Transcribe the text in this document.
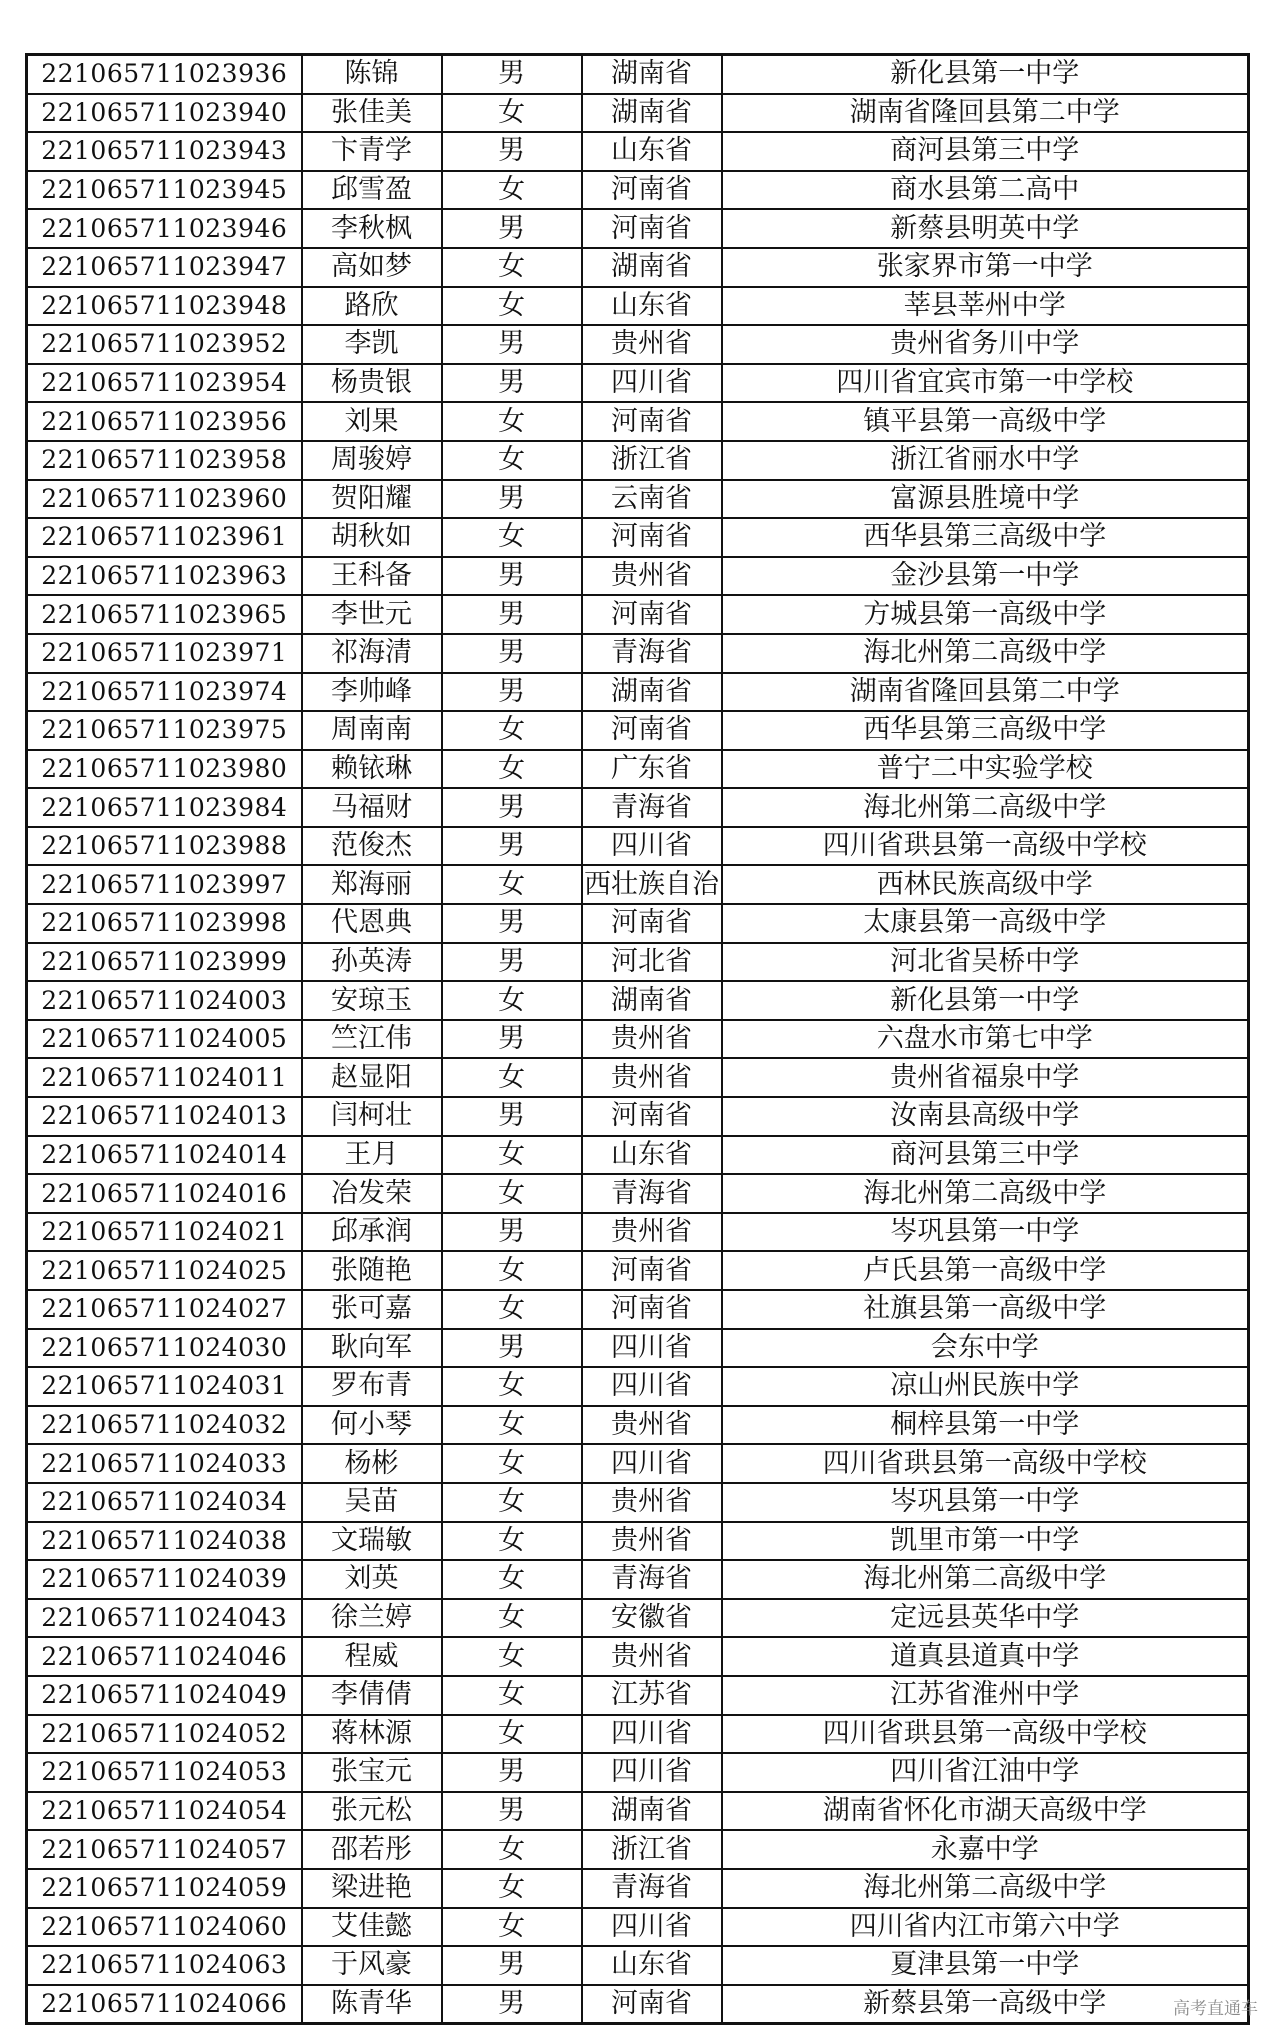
221065711023936	陈锦	男	湖南省	新化县第一中学
221065711023940	张佳美	女	湖南省	湖南省隆回县第二中学
221065711023943	卞青学	男	山东省	商河县第三中学
221065711023945	邱雪盈	女	河南省	商水县第二高中
221065711023946	李秋枫	男	河南省	新蔡县明英中学
221065711023947	高如梦	女	湖南省	张家界市第一中学
221065711023948	路欣	女	山东省	莘县莘州中学
221065711023952	李凯	男	贵州省	贵州省务川中学
221065711023954	杨贵银	男	四川省	四川省宜宾市第一中学校
221065711023956	刘果	女	河南省	镇平县第一高级中学
221065711023958	周骏婷	女	浙江省	浙江省丽水中学
221065711023960	贺阳耀	男	云南省	富源县胜境中学
221065711023961	胡秋如	女	河南省	西华县第三高级中学
221065711023963	王科备	男	贵州省	金沙县第一中学
221065711023965	李世元	男	河南省	方城县第一高级中学
221065711023971	祁海清	男	青海省	海北州第二高级中学
221065711023974	李帅峰	男	湖南省	湖南省隆回县第二中学
221065711023975	周南南	女	河南省	西华县第三高级中学
221065711023980	赖铱琳	女	广东省	普宁二中实验学校
221065711023984	马福财	男	青海省	海北州第二高级中学
221065711023988	范俊杰	男	四川省	四川省珙县第一高级中学校
221065711023997	郑海丽	女	西壮族自治	西林民族高级中学
221065711023998	代恩典	男	河南省	太康县第一高级中学
221065711023999	孙英涛	男	河北省	河北省吴桥中学
221065711024003	安琼玉	女	湖南省	新化县第一中学
221065711024005	竺江伟	男	贵州省	六盘水市第七中学
221065711024011	赵显阳	女	贵州省	贵州省福泉中学
221065711024013	闫柯壮	男	河南省	汝南县高级中学
221065711024014	王月	女	山东省	商河县第三中学
221065711024016	冶发荣	女	青海省	海北州第二高级中学
221065711024021	邱承润	男	贵州省	岑巩县第一中学
221065711024025	张随艳	女	河南省	卢氏县第一高级中学
221065711024027	张可嘉	女	河南省	社旗县第一高级中学
221065711024030	耿向军	男	四川省	会东中学
221065711024031	罗布青	女	四川省	凉山州民族中学
221065711024032	何小琴	女	贵州省	桐梓县第一中学
221065711024033	杨彬	女	四川省	四川省珙县第一高级中学校
221065711024034	吴苗	女	贵州省	岑巩县第一中学
221065711024038	文瑞敏	女	贵州省	凯里市第一中学
221065711024039	刘英	女	青海省	海北州第二高级中学
221065711024043	徐兰婷	女	安徽省	定远县英华中学
221065711024046	程威	女	贵州省	道真县道真中学
221065711024049	李倩倩	女	江苏省	江苏省淮州中学
221065711024052	蒋林源	女	四川省	四川省珙县第一高级中学校
221065711024053	张宝元	男	四川省	四川省江油中学
221065711024054	张元松	男	湖南省	湖南省怀化市湖天高级中学
221065711024057	邵若彤	女	浙江省	永嘉中学
221065711024059	梁进艳	女	青海省	海北州第二高级中学
221065711024060	艾佳懿	女	四川省	四川省内江市第六中学
221065711024063	于风豪	男	山东省	夏津县第一中学
221065711024066	陈青华	男	河南省	新蔡县第一高级中学	高考直通车
